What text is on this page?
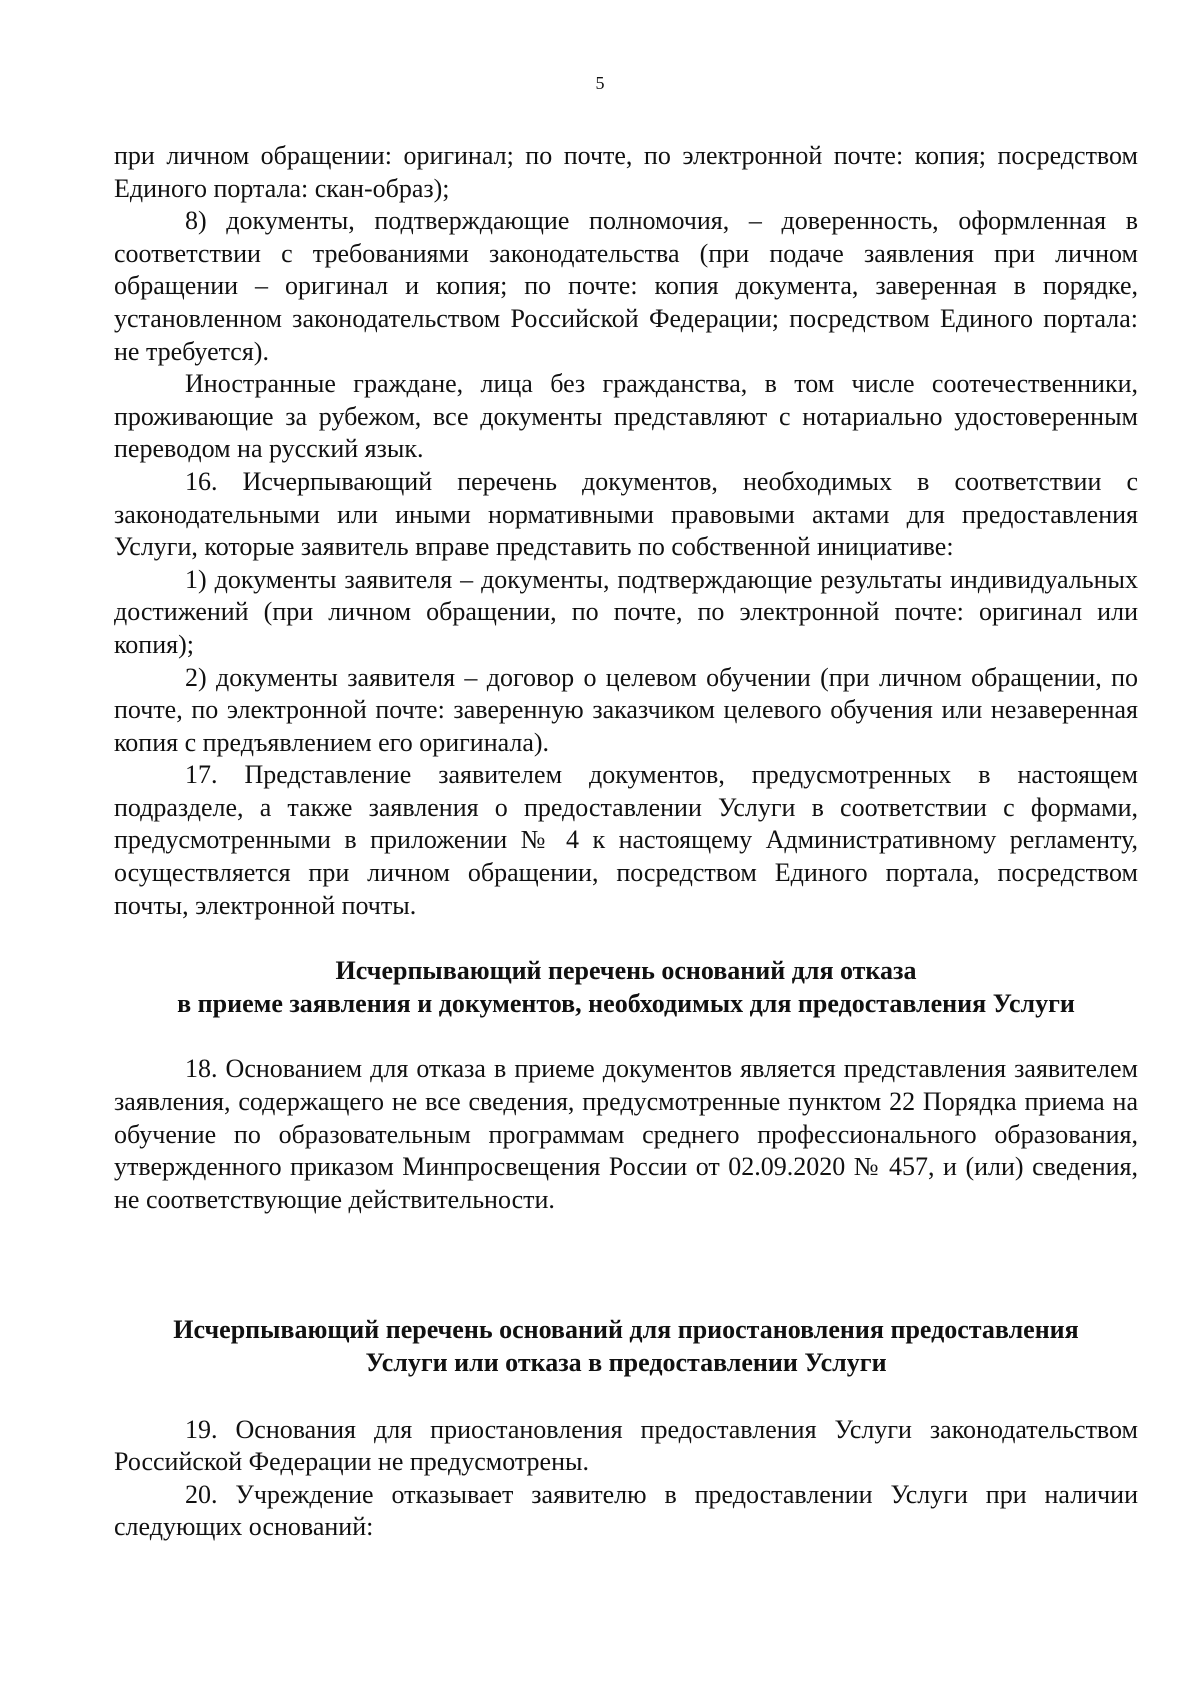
5

при личном обращении: оригинал; по почте, по электронной почте: копия; посредством Единого портала: скан-образ);

8) документы, подтверждающие полномочия, – доверенность, оформленная в соответствии с требованиями законодательства (при подаче заявления при личном обращении – оригинал и копия; по почте: копия документа, заверенная в порядке, установленном законодательством Российской Федерации; посредством Единого портала: не требуется).

Иностранные граждане, лица без гражданства, в том числе соотечественники, проживающие за рубежом, все документы представляют с нотариально удостоверенным переводом на русский язык.

16. Исчерпывающий перечень документов, необходимых в соответствии с законодательными или иными нормативными правовыми актами для предоставления Услуги, которые заявитель вправе представить по собственной инициативе:

1) документы заявителя – документы, подтверждающие результаты индивидуальных достижений (при личном обращении, по почте, по электронной почте: оригинал или копия);

2) документы заявителя – договор о целевом обучении (при личном обращении, по почте, по электронной почте: заверенную заказчиком целевого обучения или незаверенная копия с предъявлением его оригинала).

17. Представление заявителем документов, предусмотренных в настоящем подразделе, а также заявления о предоставлении Услуги в соответствии с формами, предусмотренными в приложении № 4 к настоящему Административному регламенту, осуществляется при личном обращении, посредством Единого портала, посредством почты, электронной почты.

Исчерпывающий перечень оснований для отказа

в приеме заявления и документов, необходимых для предоставления Услуги

18. Основанием для отказа в приеме документов является представления заявителем заявления, содержащего не все сведения, предусмотренные пунктом 22 Порядка приема на обучение по образовательным программам среднего профессионального образования, утвержденного приказом Минпросвещения России от 02.09.2020 № 457, и (или) сведения, не соответствующие действительности.

Исчерпывающий перечень оснований для приостановления предоставления

Услуги или отказа в предоставлении Услуги

19. Основания для приостановления предоставления Услуги законодательством Российской Федерации не предусмотрены.

20. Учреждение отказывает заявителю в предоставлении Услуги при наличии следующих оснований:
